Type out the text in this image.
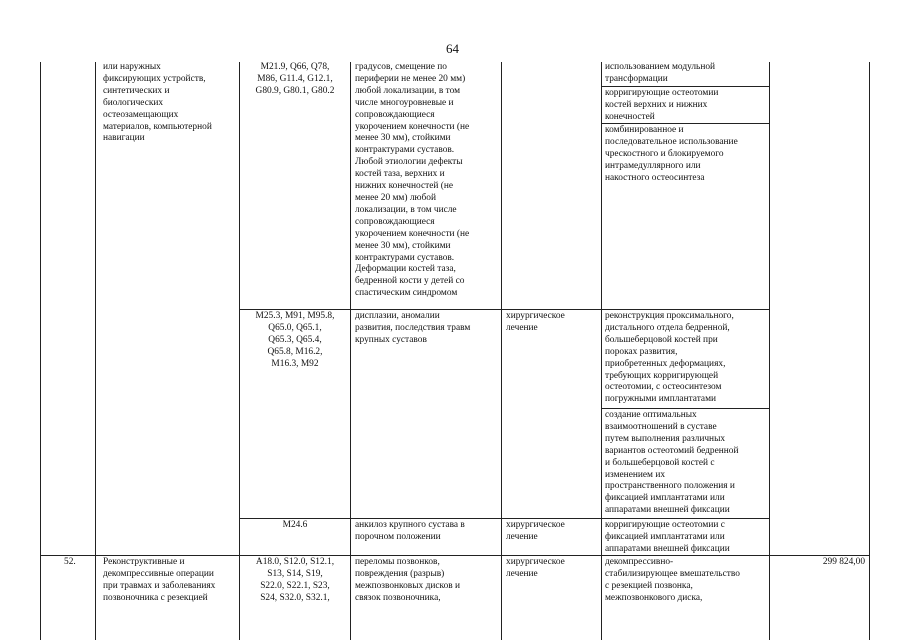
64
или наружных
фиксирующих устройств,
синтетических и
биологических
остеозамещающих
материалов, компьютерной
навигации
M21.9, Q66, Q78,
M86, G11.4, G12.1,
G80.9, G80.1, G80.2
градусов, смещение по
периферии не менее 20 мм)
любой локализации, в том
числе многоуровневые и
сопровождающиеся
укорочением конечности (не
менее 30 мм), стойкими
контрактурами суставов.
Любой этиологии дефекты
костей таза, верхних и
нижних конечностей (не
менее 20 мм) любой
локализации, в том числе
сопровождающиеся
укорочением конечности (не
менее 30 мм), стойкими
контрактурами суставов.
Деформации костей таза,
бедренной кости у детей со
спастическим синдромом
использованием модульной
трансформации
корригирующие остеотомии
костей верхних и нижних
конечностей
комбинированное и
последовательное использование
чрескостного и блокируемого
интрамедуллярного или
накостного остеосинтеза
M25.3, M91, M95.8,
Q65.0, Q65.1,
Q65.3, Q65.4,
Q65.8, M16.2,
M16.3, M92
дисплазии, аномалии
развития, последствия травм
крупных суставов
хирургическое
лечение
реконструкция проксимального,
дистального отдела бедренной,
большеберцовой костей при
пороках развития,
приобретенных деформациях,
требующих корригирующей
остеотомии, с остеосинтезом
погружными имплантатами
создание оптимальных
взаимоотношений в суставе
путем выполнения различных
вариантов остеотомий бедренной
и большеберцовой костей с
изменением их
пространственного положения и
фиксацией имплантатами или
аппаратами внешней фиксации
M24.6	анкилоз крупного сустава в
порочном положении
хирургическое
лечение
корригирующие остеотомии с
фиксацией имплантатами или
аппаратами внешней фиксации
52.	Реконструктивные и
декомпрессивные операции
при травмах и заболеваниях
позвоночника с резекцией
A18.0, S12.0, S12.1,
S13, S14, S19,
S22.0, S22.1, S23,
S24, S32.0, S32.1,
переломы позвонков,
повреждения (разрыв)
межпозвонковых дисков и
связок позвоночника,
хирургическое
лечение
декомпрессивно-
стабилизирующее вмешательство
с резекцией позвонка,
межпозвонкового диска,
299 824,00
